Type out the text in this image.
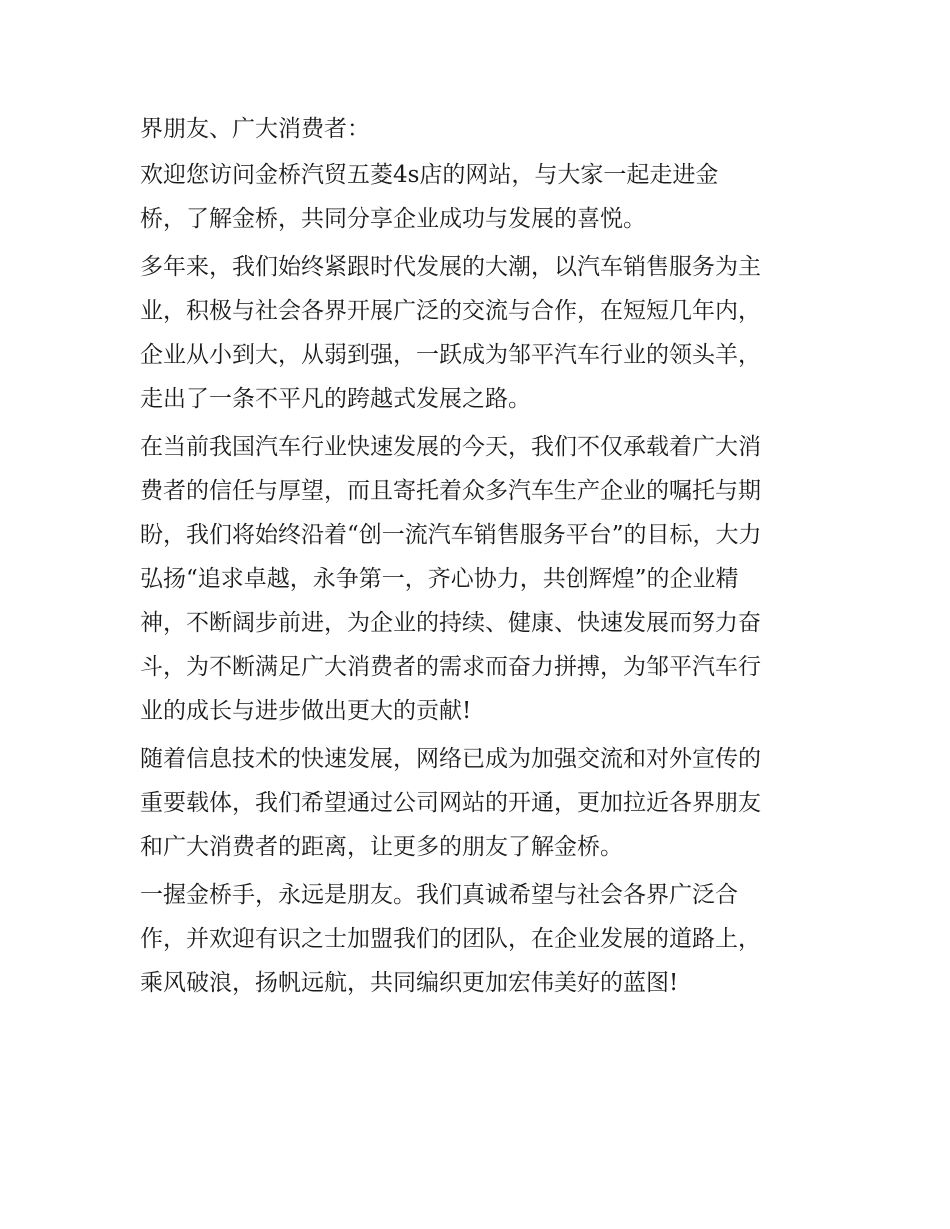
界朋友、广大消费者：
欢迎您访问金桥汽贸五菱4s店的网站，与大家一起走进金
桥，了解金桥，共同分享企业成功与发展的喜悦。
多年来，我们始终紧跟时代发展的大潮，以汽车销售服务为主
业，积极与社会各界开展广泛的交流与合作，在短短几年内，
企业从小到大，从弱到强，一跃成为邹平汽车行业的领头羊，
走出了一条不平凡的跨越式发展之路。
在当前我国汽车行业快速发展的今天，我们不仅承载着广大消
费者的信任与厚望，而且寄托着众多汽车生产企业的嘱托与期
盼，我们将始终沿着“创一流汽车销售服务平台”的目标，大力
弘扬“追求卓越，永争第一，齐心协力，共创辉煌”的企业精
神，不断阔步前进，为企业的持续、健康、快速发展而努力奋
斗，为不断满足广大消费者的需求而奋力拼搏，为邹平汽车行
业的成长与进步做出更大的贡献!
随着信息技术的快速发展，网络已成为加强交流和对外宣传的
重要载体，我们希望通过公司网站的开通，更加拉近各界朋友
和广大消费者的距离，让更多的朋友了解金桥。
一握金桥手，永远是朋友。我们真诚希望与社会各界广泛合
作，并欢迎有识之士加盟我们的团队，在企业发展的道路上，
乘风破浪，扬帆远航，共同编织更加宏伟美好的蓝图!
